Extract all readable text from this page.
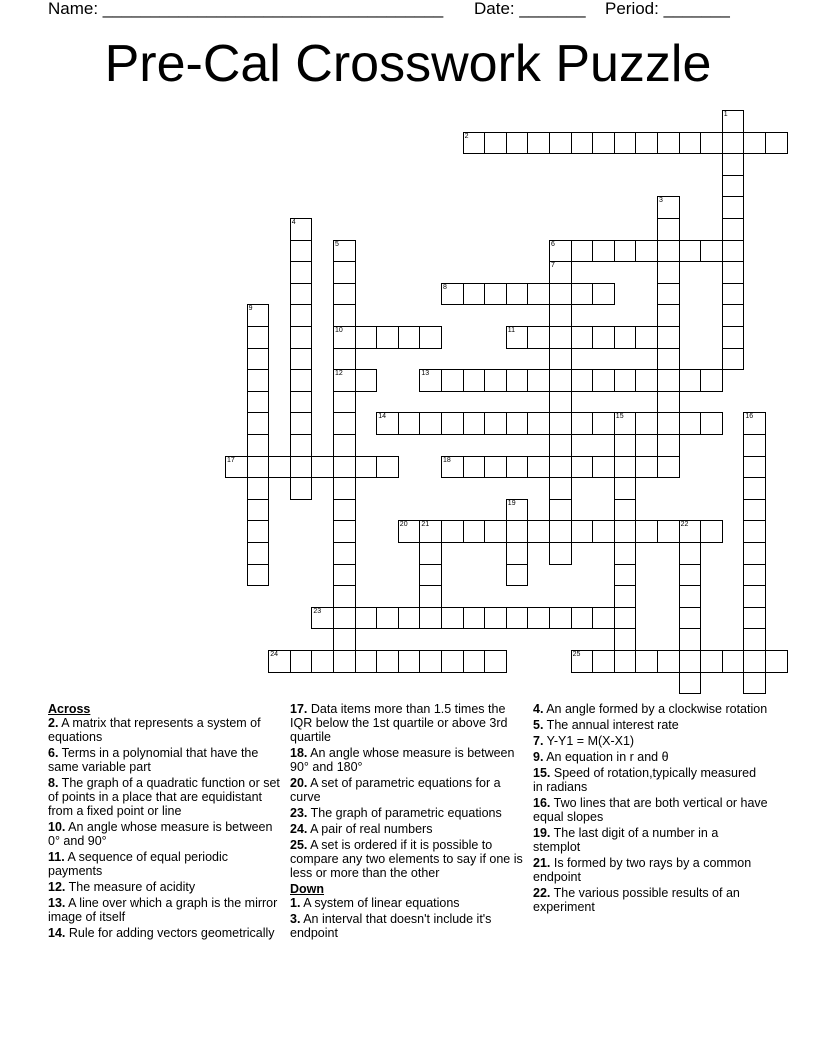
Name: ____________________________________ Date: _______ Period: _______
Pre-Cal Crosswork Puzzle
1
2
3
4
5
10
12
6
7
8
9
11
13
14	15	16
17	18
19
20 21	22
23
24	25

Across

2. A matrix that represents a system of equations

6. Terms in a polynomial that have the same variable part

8. The graph of a quadratic function or set of points in a place that are equidistant from a fixed point or line

10. An angle whose measure is between 0° and 90°

11. A sequence of equal periodic payments

12. The measure of acidity

13. A line over which a graph is the mirror image of itself

14. Rule for adding vectors geometrically

17. Data items more than 1.5 times the IQR below the 1st quartile or above 3rd quartile

18. An angle whose measure is between 90° and 180°

20. A set of parametric equations for a curve

23. The graph of parametric equations

24. A pair of real numbers

25. A set is ordered if it is possible to compare any two elements to say if one is less or more than the other

Down

1. A system of linear equations

3. An interval that doesn't include it's endpoint

4. An angle formed by a clockwise rotation

5. The annual interest rate

7. Y-Y1 = M(X-X1)

9. An equation in r and θ

15. Speed of rotation,typically measured in radians

16. Two lines that are both vertical or have equal slopes

19. The last digit of a number in a stemplot

21. Is formed by two rays by a common endpoint

22. The various possible results of an experiment
